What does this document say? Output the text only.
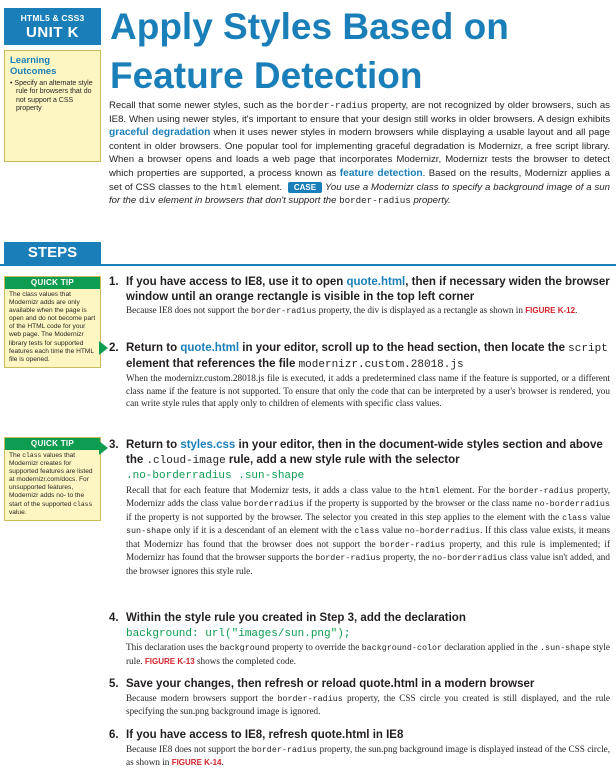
HTML5 & CSS3
UNIT K Apply Styles Based on Feature Detection
Learning Outcomes
• Specify an alternate style rule for browsers that do not support a CSS property	Recall that some newer styles, such as the border-radius property, are not recognized by older browsers, such as IE8. When using newer styles, it's important to ensure that your design still works in older browsers. A design exhibits graceful degradation when it uses newer styles in modern browsers while displaying a usable layout and all page content in older browsers. One popular tool for implementing graceful degradation is Modernizr, a free script library. When a browser opens and loads a web page that incorporates Modernizr, Modernizr tests the browser to detect which properties are supported, a process known as feature detection. Based on the results, Modernizr applies a set of CSS classes to the html element. CASE You use a Modernizr class to specify a background image of a sun for the div element in browsers that don't support the border-radius property.

STEPS
QUICK TIP
The class values that Modernizr adds are only available when the page is open and do not become part of the HTML code for your web page. The Modernizr library tests for supported features each time the HTML file is opened.
QUICK TIP
The class values that Modernizr creates for supported features are listed at modernizr.com/docs. For unsupported features, Modernizr adds no- to the start of the supported class value.
1. If you have access to IE8, use it to open quote.html, then if necessary widen the browser window until an orange rectangle is visible in the top left corner
Because IE8 does not support the border-radius property, the div is displayed as a rectangle as shown in FIGURE K-12.
2. Return to quote.html in your editor, scroll up to the head section, then locate the script element that references the file modernizr.custom.28018.js
When the modernizr.custom.28018.js file is executed, it adds a predetermined class name if the feature is supported, or a different class name if the feature is not supported. To ensure that only the code that can be interpreted by a user's browser is rendered, you can write style rules that apply only to children of elements with specific class values.
3. Return to styles.css in your editor, then in the document-wide styles section and above the .cloud-image rule, add a new style rule with the selector
.no-borderradius .sun-shape
Recall that for each feature that Modernizr tests, it adds a class value to the html element. For the border-radius property, Modernizr adds the class value borderradius if the property is supported by the browser or the class name no-borderradius if the property is not supported by the browser. The selector you created in this step applies to the element with the class value sun-shape only if it is a descendant of an element with the class value no-borderradius. If this class value exists, it means that Modernizr has found that the browser does not support the border-radius property, and this rule is implemented; if Modernizr has found that the browser supports the border-radius property, the no-borderradius class value isn't added, and the browser ignores this style rule.
4. Within the style rule you created in Step 3, add the declaration
background: url("images/sun.png");
This declaration uses the background property to override the background-color declaration applied in the .sun-shape style rule. FIGURE K-13 shows the completed code.
5. Save your changes, then refresh or reload quote.html in a modern browser
Because modern browsers support the border-radius property, the CSS circle you created is still displayed, and the rule specifying the sun.png background image is ignored.
6. If you have access to IE8, refresh quote.html in IE8
Because IE8 does not support the border-radius property, the sun.png background image is displayed instead of the CSS circle, as shown in FIGURE K-14.
